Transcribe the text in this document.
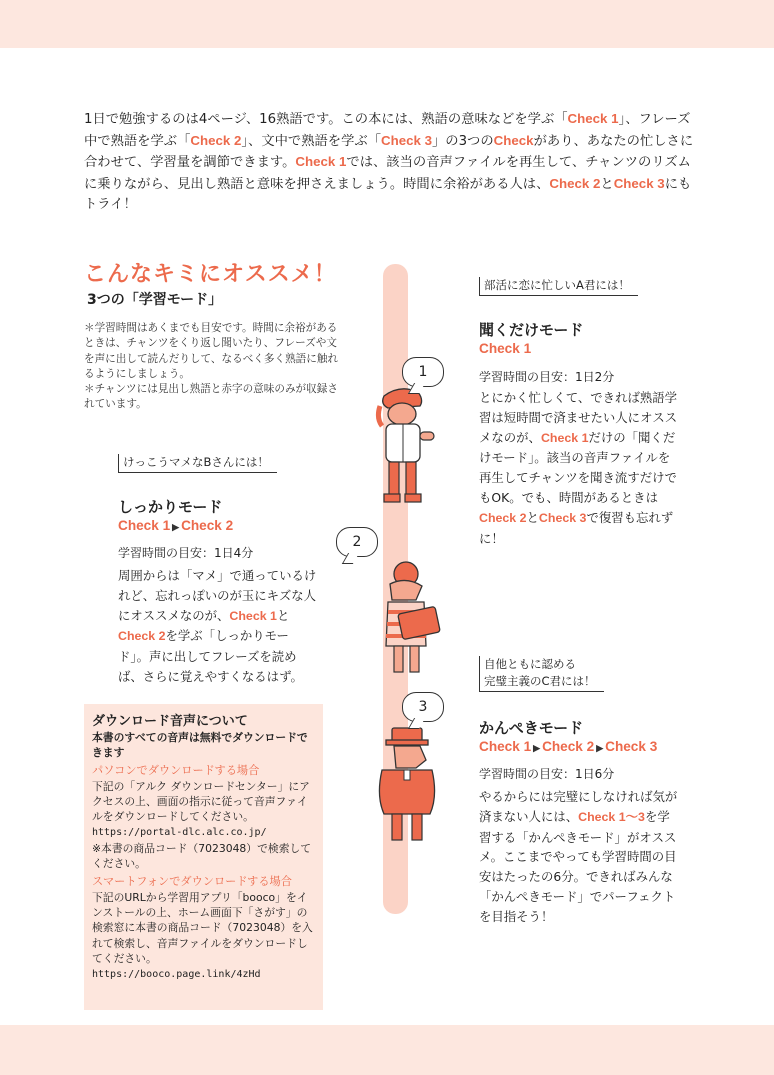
1日で勉強するのは4ページ、16熟語です。この本には、熟語の意味などを学ぶ「Check 1」、フレーズ中で熟語を学ぶ「Check 2」、文中で熟語を学ぶ「Check 3」の3つのCheckがあり、あなたの忙しさに合わせて、学習量を調節できます。Check 1では、該当の音声ファイルを再生して、チャンツのリズムに乗りながら、見出し熟語と意味を押さえましょう。時間に余裕がある人は、Check 2とCheck 3にもトライ！

こんなキミにオススメ！
3つの「学習モード」
＊学習時間はあくまでも目安です。時間に余裕があるときは、チャンツをくり返し聞いたり、フレーズや文を声に出して読んだりして、なるべく多く熟語に触れるようにしましょう。
＊チャンツには見出し熟語と赤字の意味のみが収録されています。
1
部活に恋に忙しいA君には！
聞くだけモード
Check 1
学習時間の目安：1日2分

とにかく忙しくて、できれば熟語学習は短時間で済ませたい人にオススメなのが、Check 1だけの「聞くだけモード」。該当の音声ファイルを再生してチャンツを聞き流すだけでもOK。でも、時間があるときはCheck 2とCheck 3で復習も忘れずに！

2
けっこうマメなBさんには！
しっかりモード
Check 1 ▶ Check 2
学習時間の目安：1日4分

周囲からは「マメ」で通っているけれど、忘れっぽいのが玉にキズな人にオススメなのが、Check 1とCheck 2を学ぶ「しっかりモード」。声に出してフレーズを読めば、さらに覚えやすくなるはず。

3
自他ともに認める
完璧主義のC君には！
かんぺきモード
Check 1 ▶ Check 2 ▶ Check 3
学習時間の目安：1日6分

やるからには完璧にしなければ気が済まない人には、Check 1～3を学習する「かんぺきモード」がオススメ。ここまでやっても学習時間の目安はたったの6分。できればみんな「かんぺきモード」でパーフェクトを目指そう！

ダウンロード音声について
本書のすべての音声は無料でダウンロードできます
パソコンでダウンロードする場合
下記の「アルク ダウンロードセンター」にアクセスの上、画面の指示に従って音声ファイルをダウンロードしてください。
https://portal-dlc.alc.co.jp/
※本書の商品コード（7023048）で検索してください。
スマートフォンでダウンロードする場合
下記のURLから学習用アプリ「booco」をインストールの上、ホーム画面下「さがす」の検索窓に本書の商品コード（7023048）を入れて検索し、音声ファイルをダウンロードしてください。
https://booco.page.link/4zHd
